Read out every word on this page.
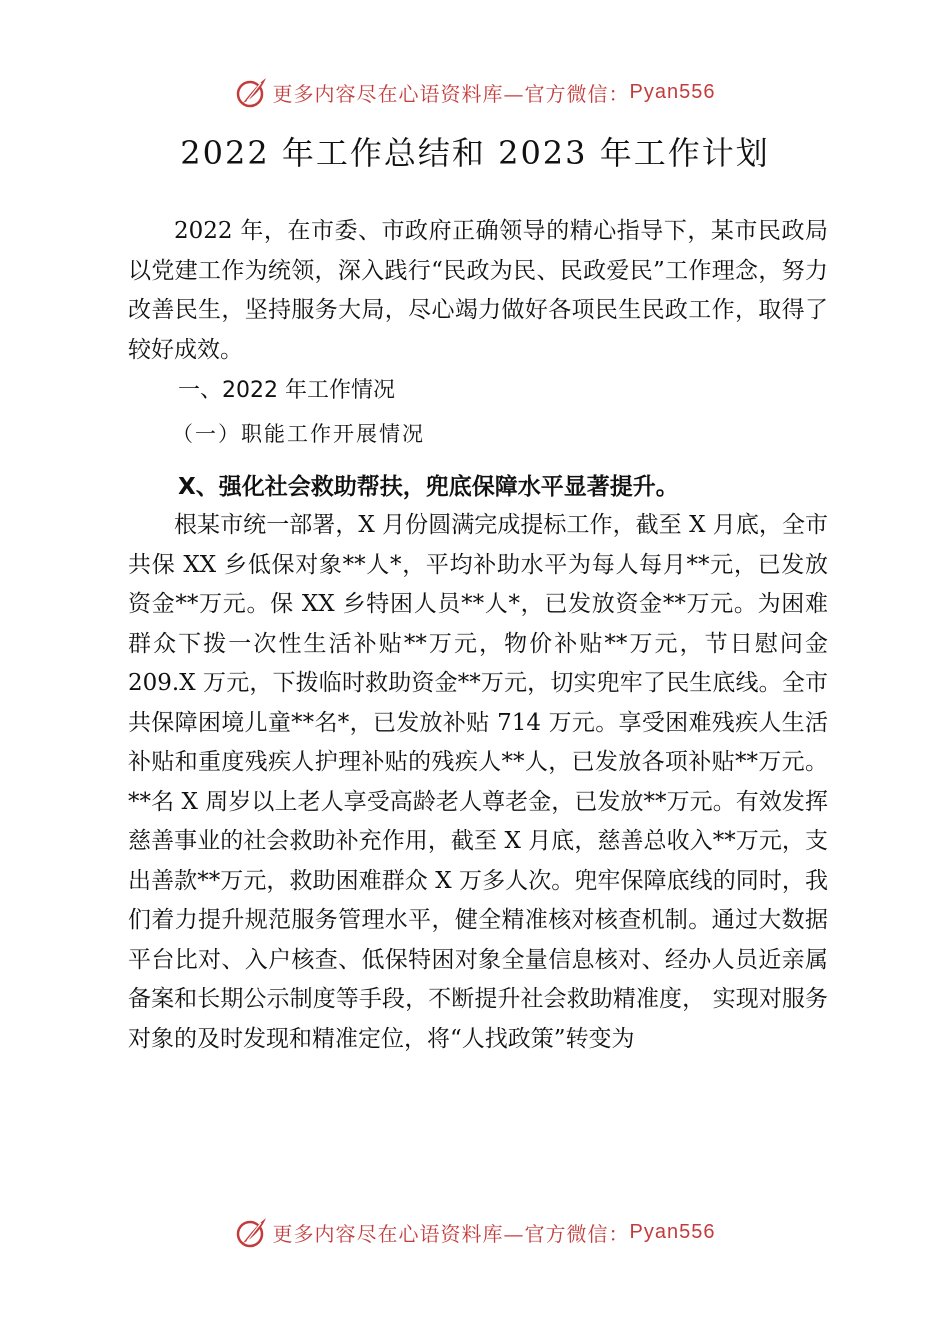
更多内容尽在心语资料库—官方微信： Pyan556
2022 年工作总结和 2023 年工作计划

2022 年，在市委、市政府正确领导的精心指导下，某市民政局以党建工作为统领，深入践行“民政为民、民政爱民”工作理念，努力改善民生，坚持服务大局，尽心竭力做好各项民生民政工作，取得了较好成效。

一、2022 年工作情况
（一）职能工作开展情况
X、强化社会救助帮扶，兜底保障水平显著提升。

根某市统一部署，X 月份圆满完成提标工作，截至 X 月底，全市共保 XX 乡低保对象**人*，平均补助水平为每人每月**元，已发放资金**万元。保 XX 乡特困人员**人*，已发放资金**万元。为困难群众下拨一次性生活补贴**万元，物价补贴**万元，节日慰问金 209.X 万元，下拨临时救助资金**万元，切实兜牢了民生底线。全市共保障困境儿童**名*，已发放补贴 714 万元。享受困难残疾人生活补贴和重度残疾人护理补贴的残疾人**人，已发放各项补贴**万元。**名 X 周岁以上老人享受高龄老人尊老金，已发放**万元。有效发挥慈善事业的社会救助补充作用，截至 X 月底，慈善总收入**万元，支出善款**万元，救助困难群众 X 万多人次。兜牢保障底线的同时，我们着力提升规范服务管理水平，健全精准核对核查机制。通过大数据平台比对、入户核查、低保特困对象全量信息核对、经办人员近亲属备案和长期公示制度等手段，不断提升社会救助精准度， 实现对服务对象的及时发现和精准定位，将“人找政策”转变为

更多内容尽在心语资料库—官方微信： Pyan556
